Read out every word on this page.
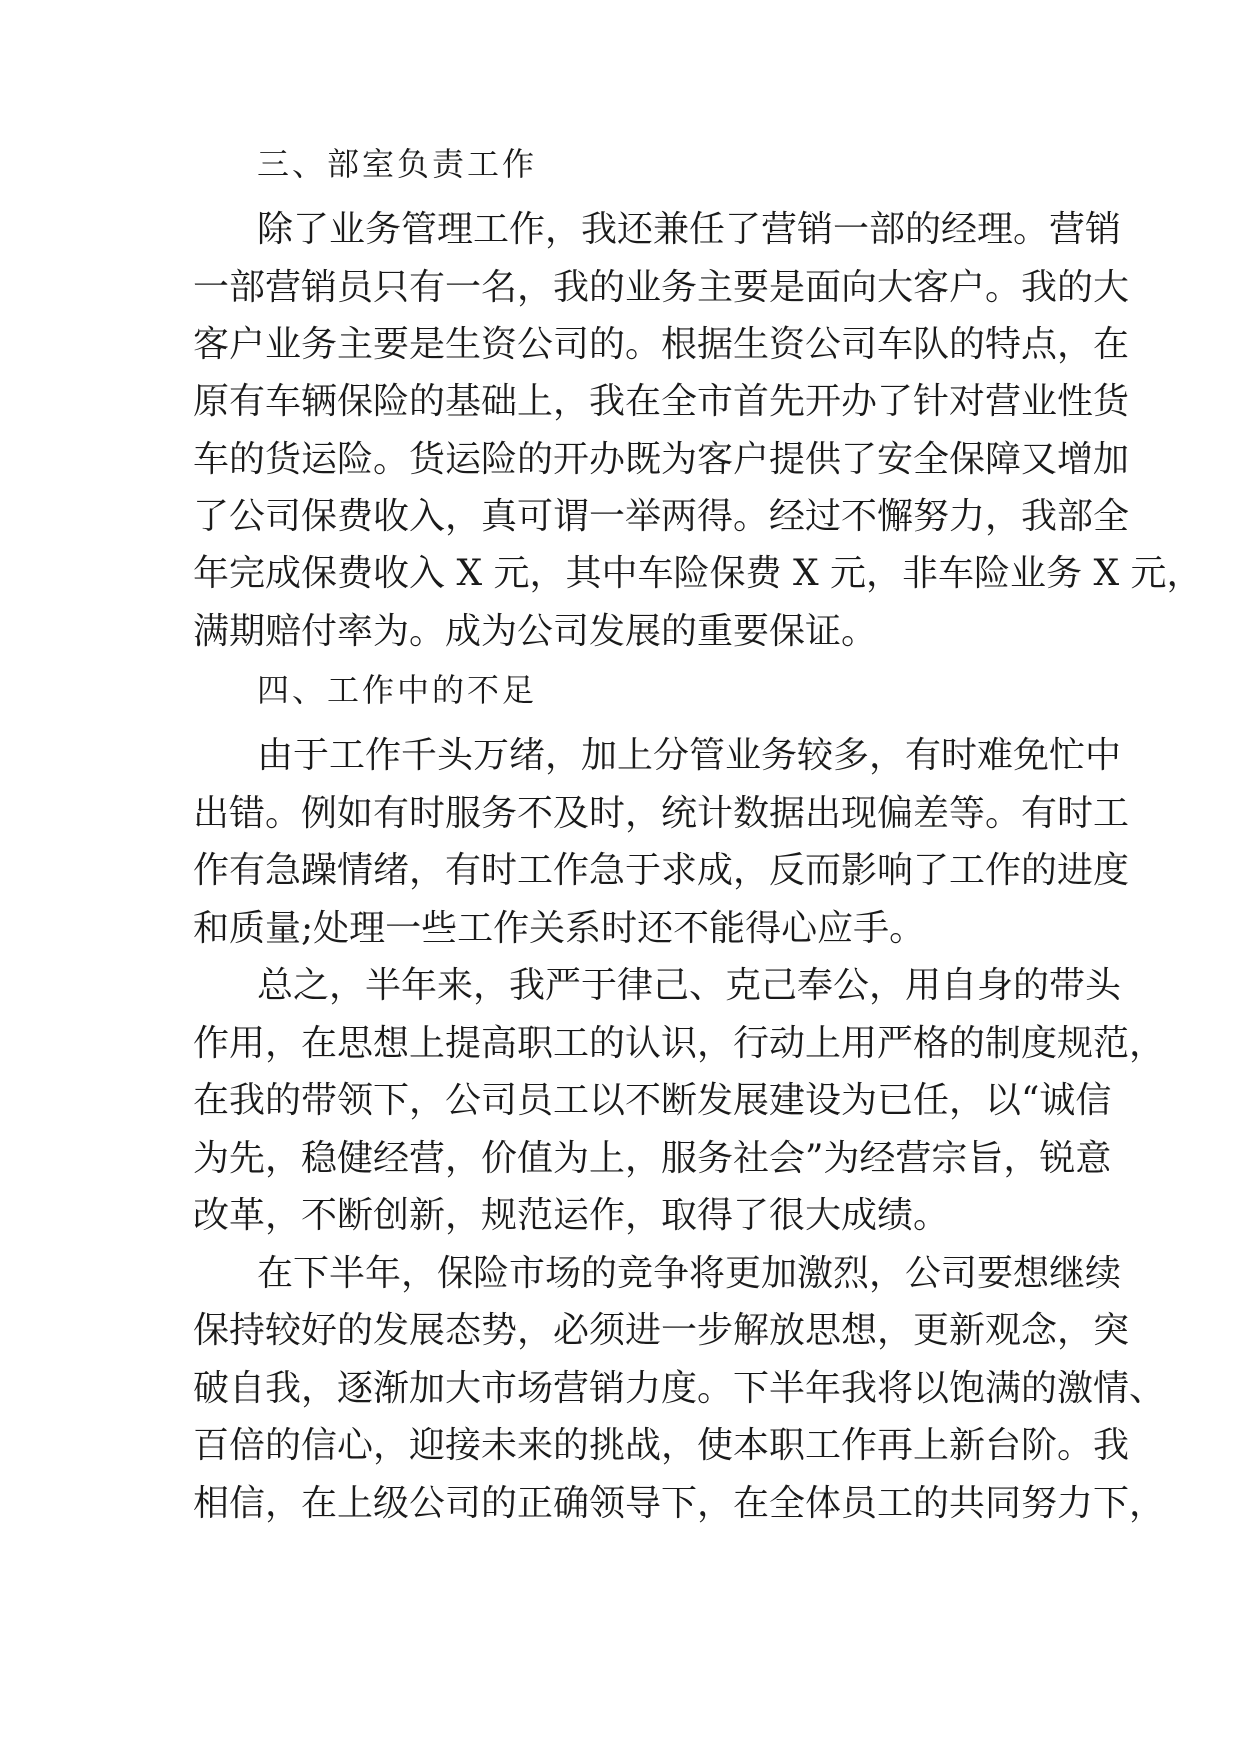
三、部室负责工作
除了业务管理工作，我还兼任了营销一部的经理。营销
一部营销员只有一名，我的业务主要是面向大客户。我的大
客户业务主要是生资公司的。根据生资公司车队的特点，在
原有车辆保险的基础上，我在全市首先开办了针对营业性货
车的货运险。货运险的开办既为客户提供了安全保障又增加
了公司保费收入，真可谓一举两得。经过不懈努力，我部全
年完成保费收入 X 元，其中车险保费 X 元，非车险业务 X 元，
满期赔付率为。成为公司发展的重要保证。
四、工作中的不足
由于工作千头万绪，加上分管业务较多，有时难免忙中
出错。例如有时服务不及时，统计数据出现偏差等。有时工
作有急躁情绪，有时工作急于求成，反而影响了工作的进度
和质量;处理一些工作关系时还不能得心应手。
总之，半年来，我严于律己、克己奉公，用自身的带头
作用，在思想上提高职工的认识，行动上用严格的制度规范，
在我的带领下，公司员工以不断发展建设为已任，以“诚信
为先，稳健经营，价值为上，服务社会”为经营宗旨，锐意
改革，不断创新，规范运作，取得了很大成绩。
在下半年，保险市场的竞争将更加激烈，公司要想继续
保持较好的发展态势，必须进一步解放思想，更新观念，突
破自我，逐渐加大市场营销力度。下半年我将以饱满的激情、
百倍的信心，迎接未来的挑战，使本职工作再上新台阶。我
相信，在上级公司的正确领导下，在全体员工的共同努力下，
